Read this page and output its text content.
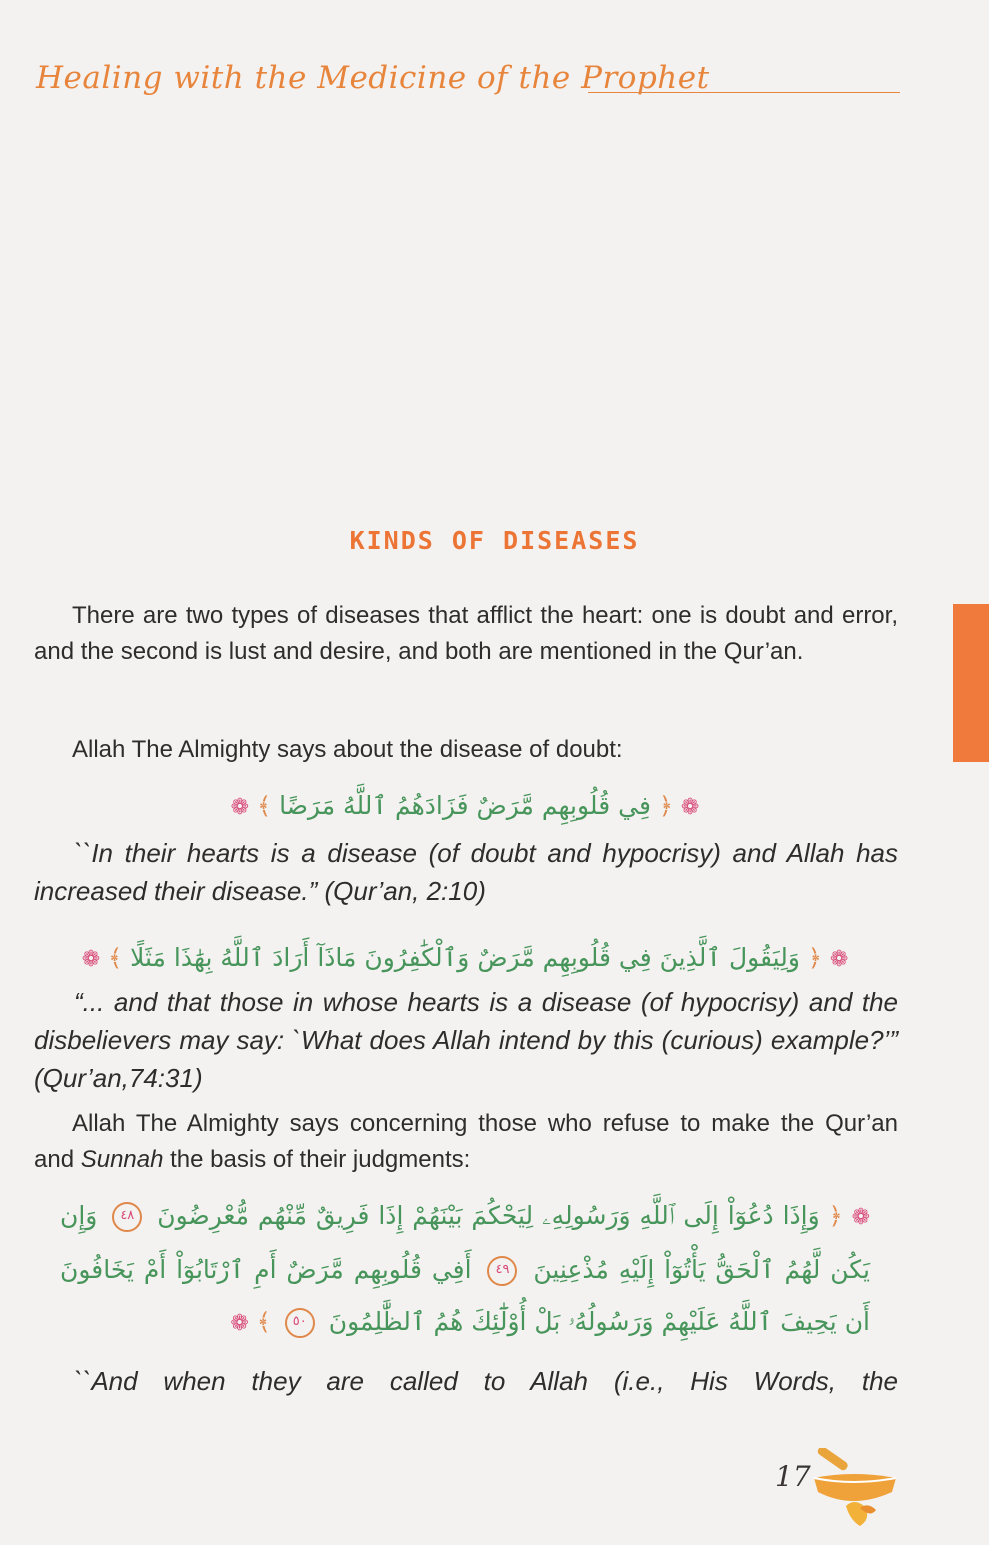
Healing with the Medicine of the Prophet
KINDS OF DISEASES

There are two types of diseases that afflict the heart: one is doubt and error, and the second is lust and desire, and both are mentioned in the Qur’an.

Allah The Almighty says about the disease of doubt:

❁ ﴿ فِي قُلُوبِهِم مَّرَضٌ فَزَادَهُمُ ٱللَّهُ مَرَضًا ﴾ ❁

``In their hearts is a disease (of doubt and hypocrisy) and Allah has increased their disease.” (Qur’an, 2:10)

❁ ﴿ وَلِيَقُولَ ٱلَّذِينَ فِي قُلُوبِهِم مَّرَضٌ وَٱلْكَٰفِرُونَ مَاذَآ أَرَادَ ٱللَّهُ بِهَٰذَا مَثَلًا ﴾ ❁

“... and that those in whose hearts is a disease (of hypocrisy) and the disbelievers may say: `What does Allah intend by this (curious) example?’” (Qur’an,74:31)

Allah The Almighty says concerning those who refuse to make the Qur’an and Sunnah the basis of their judgments:

❁ ﴿ وَإِذَا دُعُوٓاْ إِلَى ٱللَّهِ وَرَسُولِهِۦ لِيَحْكُمَ بَيْنَهُمْ إِذَا فَرِيقٌ مِّنْهُم مُّعْرِضُونَ ٤٨ وَإِن يَكُن لَّهُمُ ٱلْحَقُّ يَأْتُوٓاْ إِلَيْهِ مُذْعِنِينَ ٤٩ أَفِي قُلُوبِهِم مَّرَضٌ أَمِ ٱرْتَابُوٓاْ أَمْ يَخَافُونَ أَن يَحِيفَ ٱللَّهُ عَلَيْهِمْ وَرَسُولُهُۥ بَلْ أُوْلَٰٓئِكَ هُمُ ٱلظَّٰلِمُونَ ٥٠ ﴾ ❁

``And when they are called to Allah (i.e., His Words, the

17
